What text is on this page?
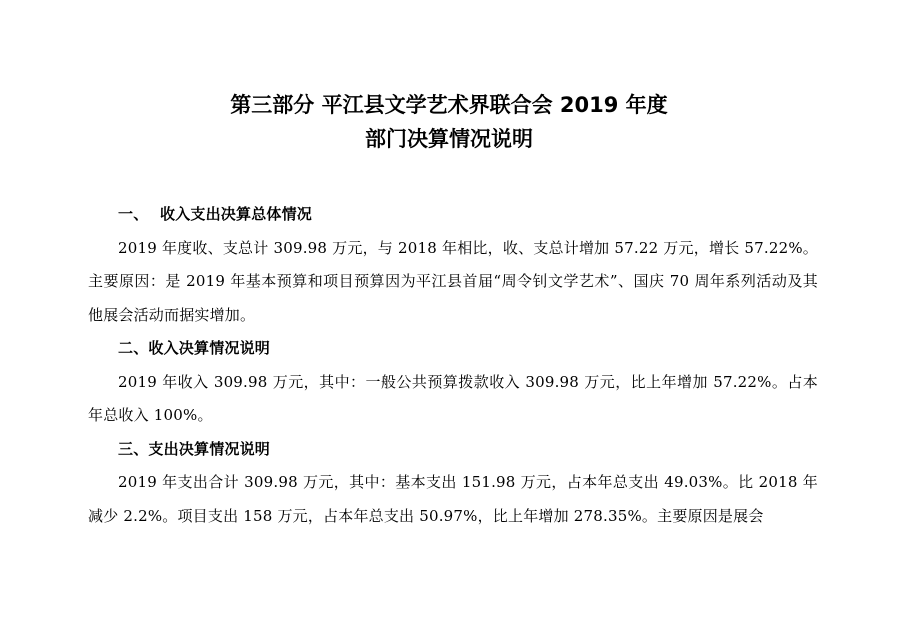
第三部分 平江县文学艺术界联合会 2019 年度
部门决算情况说明
一、 收入支出决算总体情况

2019 年度收、支总计 309.98 万元，与 2018 年相比，收、支总计增加 57.22 万元，增长 57.22%。主要原因：是 2019 年基本预算和项目预算因为平江县首届“周令钊文学艺术”、国庆 70 周年系列活动及其他展会活动而据实增加。

二、收入决算情况说明

2019 年收入 309.98 万元，其中：一般公共预算拨款收入 309.98 万元，比上年增加 57.22%。占本年总收入 100%。

三、支出决算情况说明

2019 年支出合计 309.98 万元，其中：基本支出 151.98 万元，占本年总支出 49.03%。比 2018 年减少 2.2%。项目支出 158 万元，占本年总支出 50.97%，比上年增加 278.35%。主要原因是展会
